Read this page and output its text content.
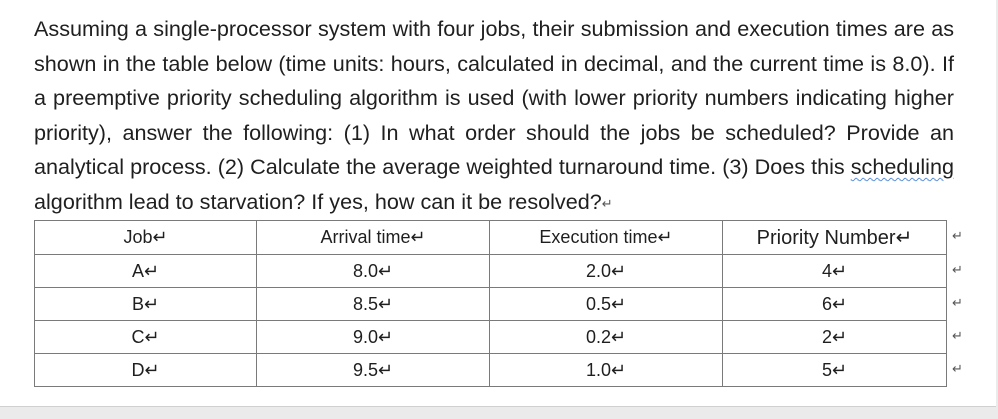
Assuming a single-processor system with four jobs, their submission and execution times are as shown in the table below (time units: hours, calculated in decimal, and the current time is 8.0). If a preemptive priority scheduling algorithm is used (with lower priority numbers indicating higher priority), answer the following: (1) In what order should the jobs be scheduled? Provide an analytical process. (2) Calculate the average weighted turnaround time. (3) Does this scheduling algorithm lead to starvation? If yes, how can it be resolved?↵
Job↵	Arrival time↵	Execution time↵	Priority Number↵
A↵	8.0↵	2.0↵	4↵
B↵	8.5↵	0.5↵	6↵
C↵	9.0↵	0.2↵	2↵
D↵	9.5↵	1.0↵	5↵
↵
↵
↵
↵
↵
